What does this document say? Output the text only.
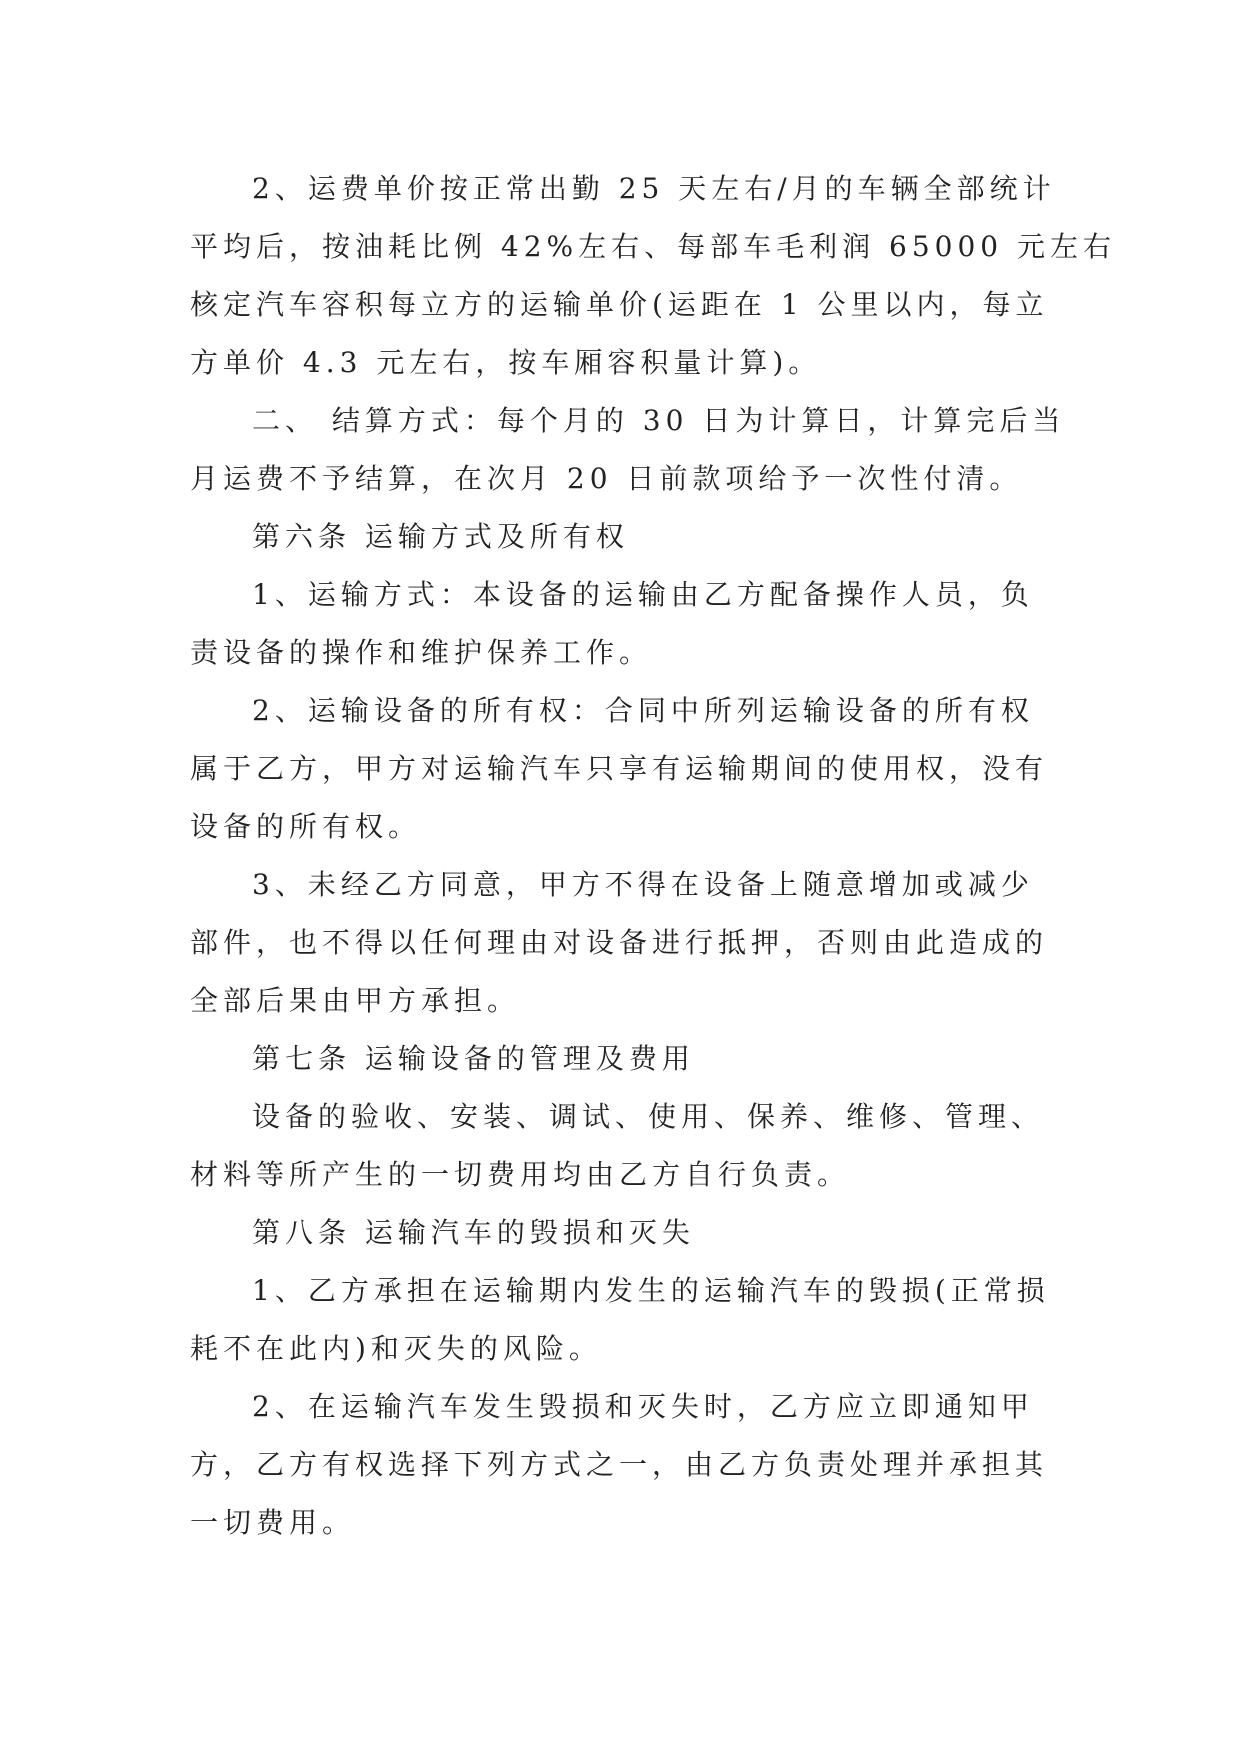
2、运费单价按正常出勤 25 天左右/月的车辆全部统计
平均后，按油耗比例 42%左右、每部车毛利润 65000 元左右
核定汽车容积每立方的运输单价(运距在 1 公里以内，每立
方单价 4.3 元左右，按车厢容积量计算)。
二、 结算方式：每个月的 30 日为计算日，计算完后当
月运费不予结算，在次月 20 日前款项给予一次性付清。
第六条 运输方式及所有权
1、运输方式：本设备的运输由乙方配备操作人员，负
责设备的操作和维护保养工作。
2、运输设备的所有权：合同中所列运输设备的所有权
属于乙方，甲方对运输汽车只享有运输期间的使用权，没有
设备的所有权。
3、未经乙方同意，甲方不得在设备上随意增加或减少
部件，也不得以任何理由对设备进行抵押，否则由此造成的
全部后果由甲方承担。
第七条 运输设备的管理及费用
设备的验收、安装、调试、使用、保养、维修、管理、
材料等所产生的一切费用均由乙方自行负责。
第八条 运输汽车的毁损和灭失
1、乙方承担在运输期内发生的运输汽车的毁损(正常损
耗不在此内)和灭失的风险。
2、在运输汽车发生毁损和灭失时，乙方应立即通知甲
方，乙方有权选择下列方式之一，由乙方负责处理并承担其
一切费用。
